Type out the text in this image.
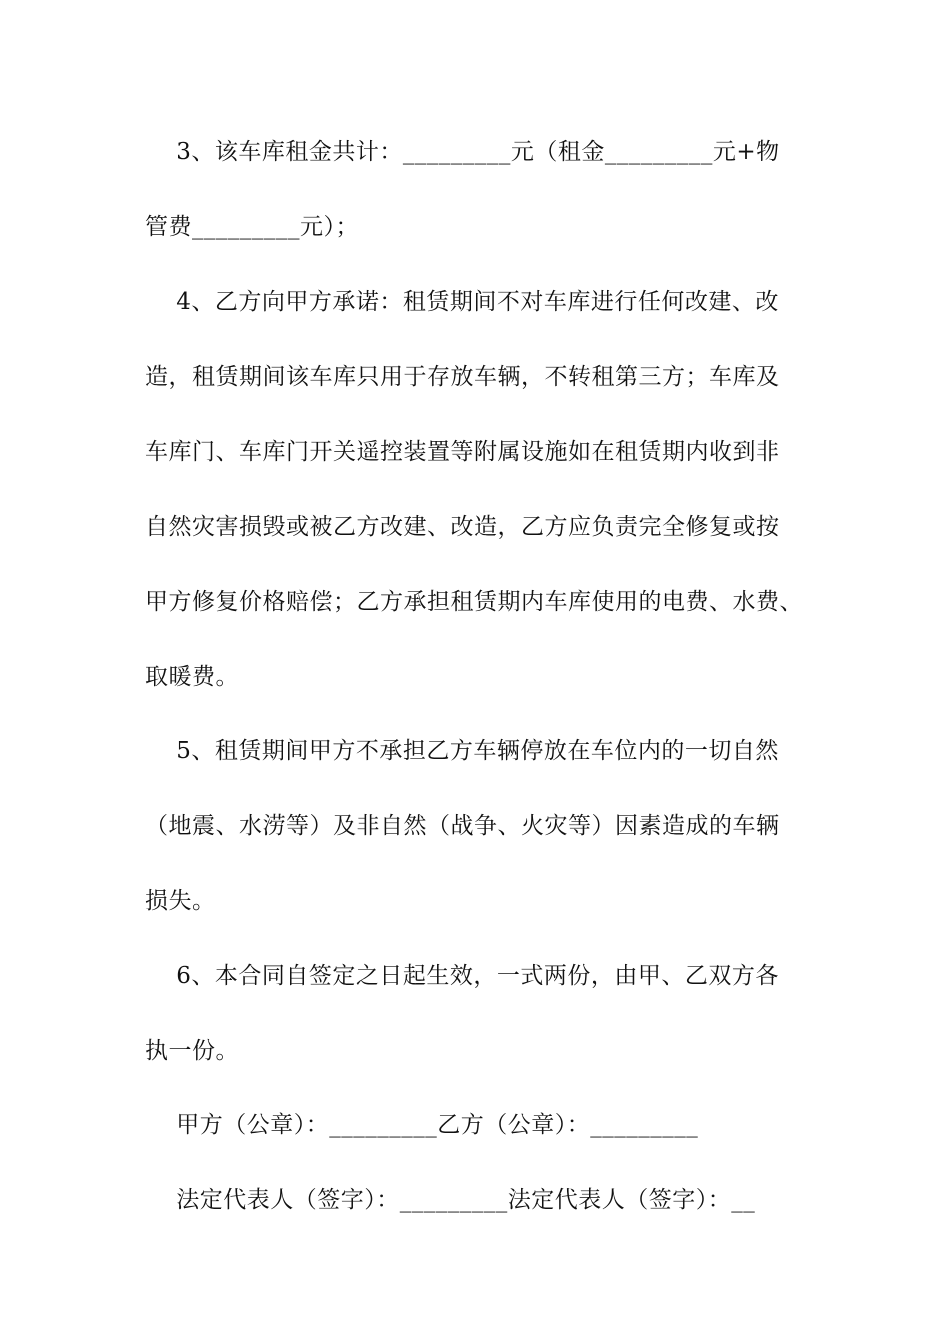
3、该车库租金共计：_________元（租金_________元+物
管费_________元）；
4、乙方向甲方承诺：租赁期间不对车库进行任何改建、改
造，租赁期间该车库只用于存放车辆，不转租第三方；车库及
车库门、车库门开关遥控装置等附属设施如在租赁期内收到非
自然灾害损毁或被乙方改建、改造，乙方应负责完全修复或按
甲方修复价格赔偿；乙方承担租赁期内车库使用的电费、水费、
取暖费。
5、租赁期间甲方不承担乙方车辆停放在车位内的一切自然
（地震、水涝等）及非自然（战争、火灾等）因素造成的车辆
损失。
6、本合同自签定之日起生效，一式两份，由甲、乙双方各
执一份。
甲方（公章）：_________乙方（公章）：_________
法定代表人（签字）：_________法定代表人（签字）：__
